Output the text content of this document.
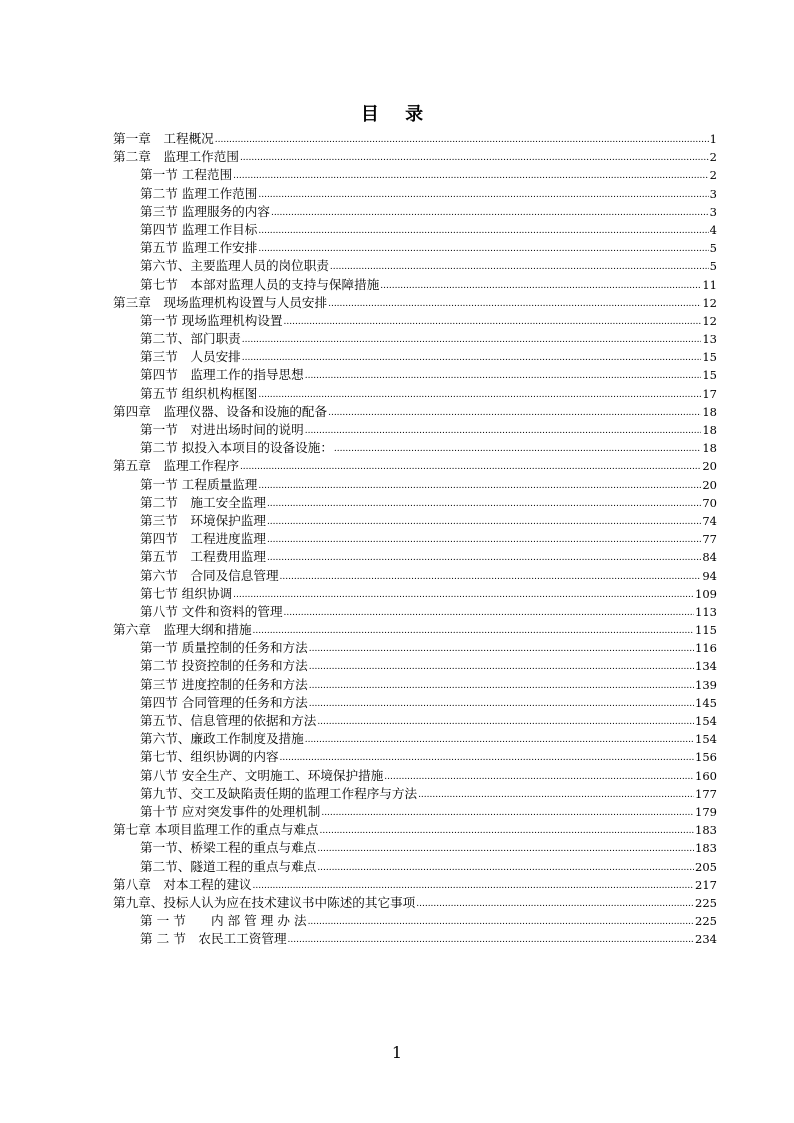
目 录
第一章　工程概况 .....	1
第二章　监理工作范围 .....	2
第一节 工程范围 .....	2
第二节 监理工作范围 .....	3
第三节 监理服务的内容 .....	3
第四节 监理工作目标 .....	4
第五节 监理工作安排 .....	5
第六节、主要监理人员的岗位职责 .....	5
第七节　本部对监理人员的支持与保障措施 .....	11
第三章　现场监理机构设置与人员安排 .....	12
第一节 现场监理机构设置 .....	12
第二节、部门职责 .....	13
第三节　人员安排 .....	15
第四节　监理工作的指导思想 .....	15
第五节 组织机构框图 .....	17
第四章　监理仪器、设备和设施的配备 .....	18
第一节　对进出场时间的说明 .....	18
第二节 拟投入本项目的设备设施： .....	18
第五章　监理工作程序 .....	20
第一节 工程质量监理 .....	20
第二节　施工安全监理 .....	70
第三节　环境保护监理 .....	74
第四节　工程进度监理 .....	77
第五节　工程费用监理 .....	84
第六节　合同及信息管理 .....	94
第七节 组织协调 .....	109
第八节 文件和资料的管理 .....	113
第六章　监理大纲和措施 .....	115
第一节 质量控制的任务和方法 .....	116
第二节 投资控制的任务和方法 .....	134
第三节 进度控制的任务和方法 .....	139
第四节 合同管理的任务和方法 .....	145
第五节、信息管理的依据和方法 .....	154
第六节、廉政工作制度及措施 .....	154
第七节、组织协调的内容 .....	156
第八节 安全生产、文明施工、环境保护措施 .....	160
第九节、交工及缺陷责任期的监理工作程序与方法 .....	177
第十节 应对突发事件的处理机制 .....	179
第七章 本项目监理工作的重点与难点 .....	183
第一节、桥梁工程的重点与难点 .....	183
第二节、隧道工程的重点与难点 .....	205
第八章　对本工程的建议 .....	217
第九章、投标人认为应在技术建议书中陈述的其它事项 .....	225
第 一 节　　内 部 管 理 办 法 .....	225
第 二 节　农民工工资管理 .....	234
1
